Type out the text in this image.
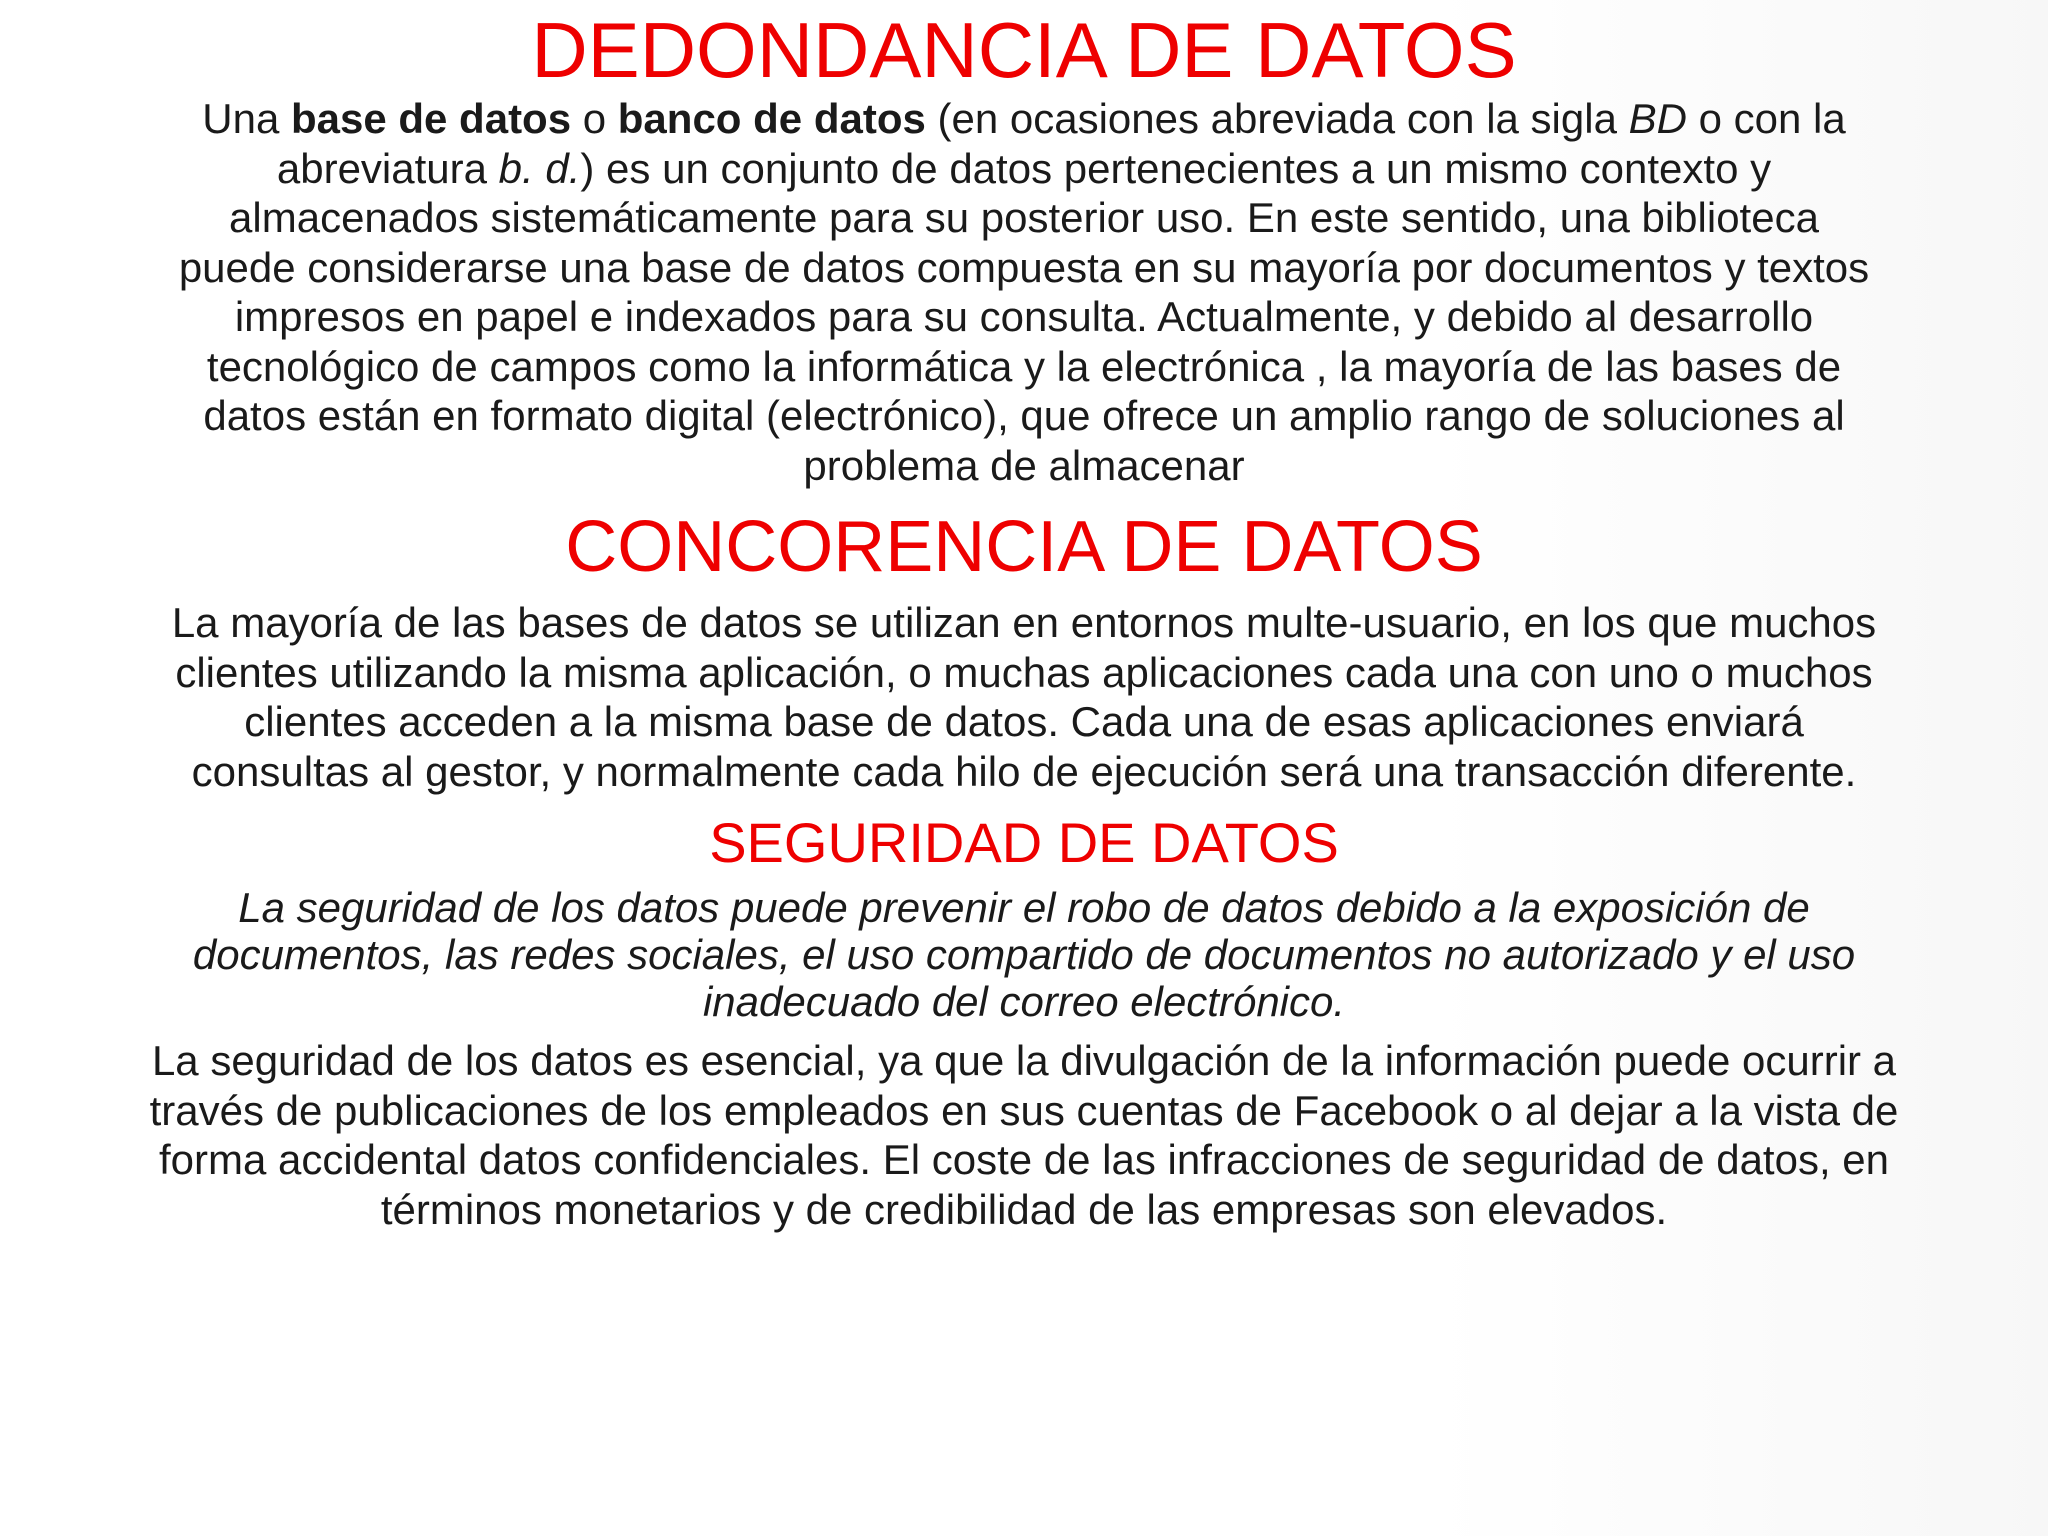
DEDONDANCIA DE DATOS

Una base de datos o banco de datos (en ocasiones abreviada con la sigla BD o con la
abreviatura b. d.) es un conjunto de datos pertenecientes a un mismo contexto y
almacenados sistemáticamente para su posterior uso. En este sentido, una biblioteca
puede considerarse una base de datos compuesta en su mayoría por documentos y textos
impresos en papel e indexados para su consulta. Actualmente, y debido al desarrollo
tecnológico de campos como la informática y la electrónica , la mayoría de las bases de
datos están en formato digital (electrónico), que ofrece un amplio rango de soluciones al
problema de almacenar

CONCORENCIA DE DATOS

La mayoría de las bases de datos se utilizan en entornos multe-usuario, en los que muchos
clientes utilizando la misma aplicación, o muchas aplicaciones cada una con uno o muchos
clientes acceden a la misma base de datos. Cada una de esas aplicaciones enviará
consultas al gestor, y normalmente cada hilo de ejecución será una transacción diferente.

SEGURIDAD DE DATOS

La seguridad de los datos puede prevenir el robo de datos debido a la exposición de
documentos, las redes sociales, el uso compartido de documentos no autorizado y el uso
inadecuado del correo electrónico.

La seguridad de los datos es esencial, ya que la divulgación de la información puede ocurrir a
través de publicaciones de los empleados en sus cuentas de Facebook o al dejar a la vista de
forma accidental datos confidenciales. El coste de las infracciones de seguridad de datos, en
términos monetarios y de credibilidad de las empresas son elevados.
